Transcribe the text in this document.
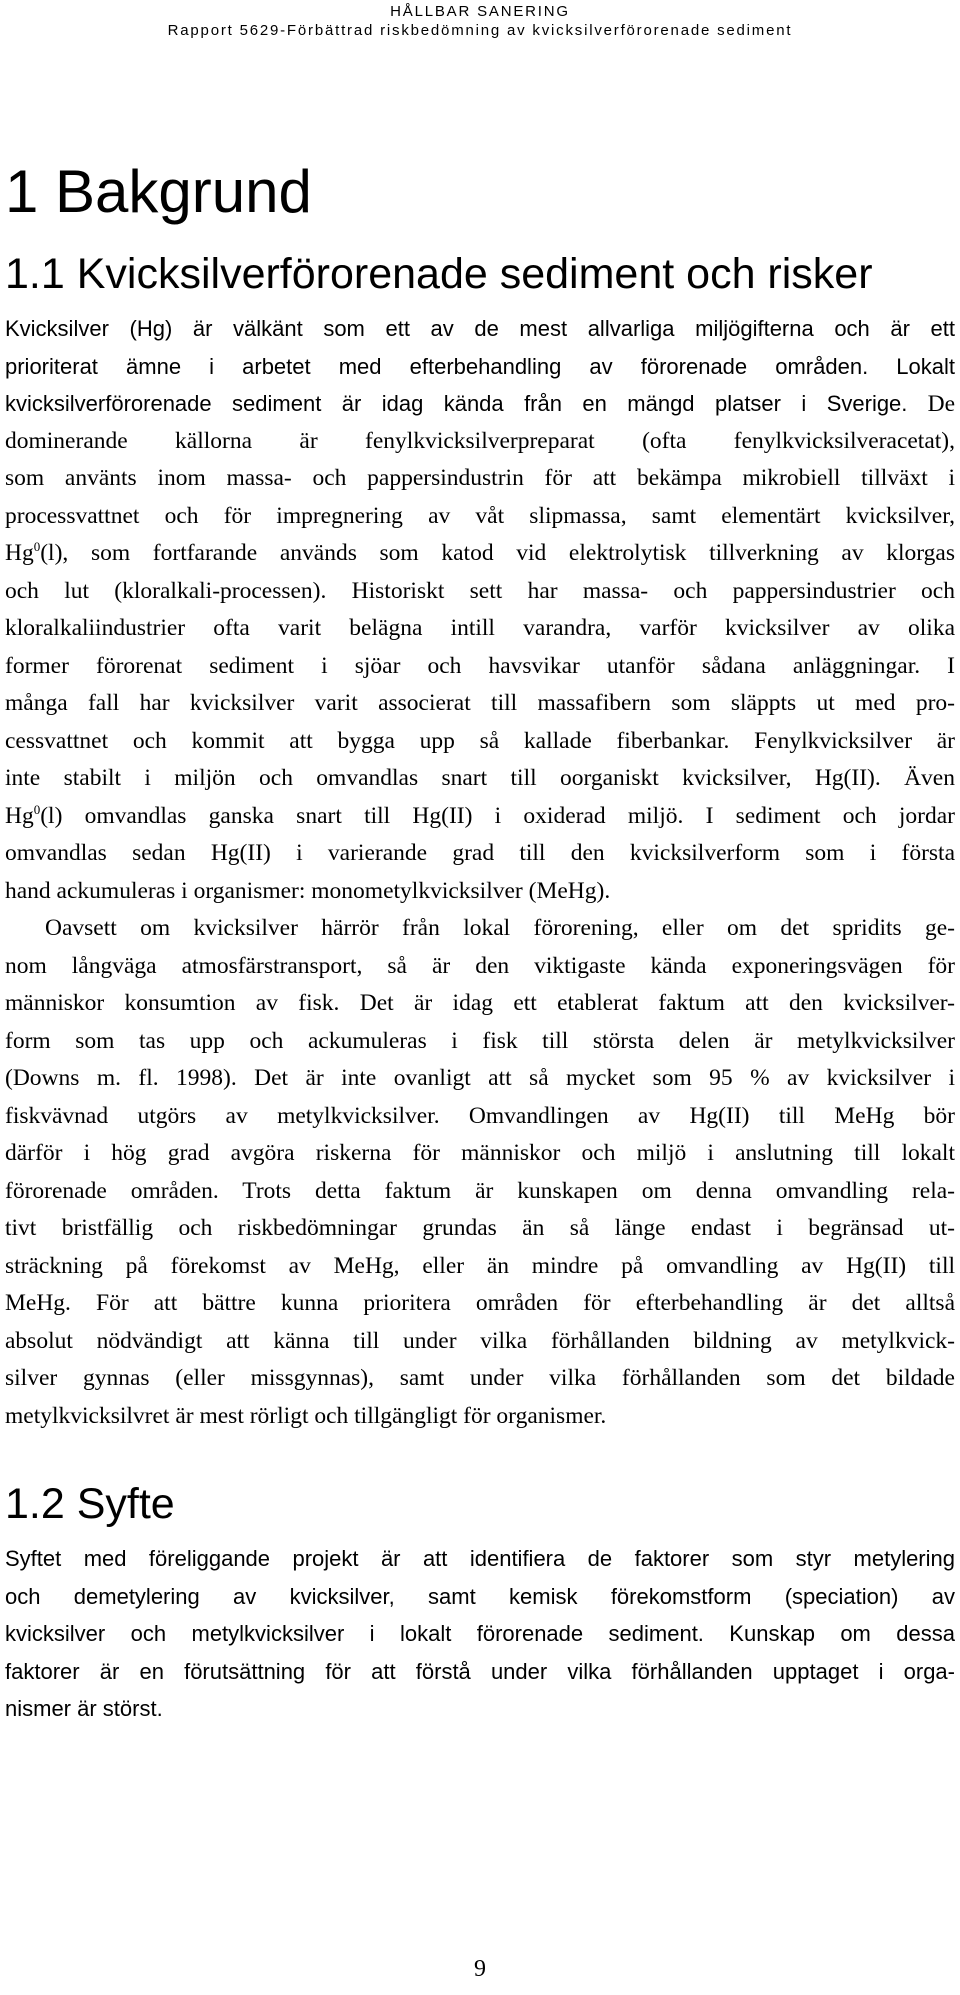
HÅLLBAR SANERING
Rapport 5629-Förbättrad riskbedömning av kvicksilverförorenade sediment
1 Bakgrund
1.1 Kvicksilverförorenade sediment och risker
Kvicksilver (Hg) är välkänt som ett av de mest allvarliga miljögifterna och är ett
prioriterat ämne i arbetet med efterbehandling av förorenade områden. Lokalt
kvicksilverförorenade sediment är idag kända från en mängd platser i Sverige. De
dominerande källorna är fenylkvicksilverpreparat (ofta fenylkvicksilveracetat),
som använts inom massa- och pappersindustrin för att bekämpa mikrobiell tillväxt i
processvattnet och för impregnering av våt slipmassa, samt elementärt kvicksilver,
Hg$^0$(l), som fortfarande används som katod vid elektrolytisk tillverkning av klorgas
och lut (kloralkali-processen). Historiskt sett har massa- och pappersindustrier och
kloralkaliindustrier ofta varit belägna intill varandra, varför kvicksilver av olika
former förorenat sediment i sjöar och havsvikar utanför sådana anläggningar. I
många fall har kvicksilver varit associerat till massafibern som släppts ut med pro-
cessvattnet och kommit att bygga upp så kallade fiberbankar. Fenylkvicksilver är
inte stabilt i miljön och omvandlas snart till oorganiskt kvicksilver, Hg(II). Även
Hg$^0$(l) omvandlas ganska snart till Hg(II) i oxiderad miljö. I sediment och jordar
omvandlas sedan Hg(II) i varierande grad till den kvicksilverform som i första
hand ackumuleras i organismer: monometylkvicksilver (MeHg).
Oavsett om kvicksilver härrör från lokal förorening, eller om det spridits ge-
nom långväga atmosfärstransport, så är den viktigaste kända exponeringsvägen för
människor konsumtion av fisk. Det är idag ett etablerat faktum att den kvicksilver-
form som tas upp och ackumuleras i fisk till största delen är metylkvicksilver
(Downs m. fl. 1998). Det är inte ovanligt att så mycket som 95 % av kvicksilver i
fiskvävnad utgörs av metylkvicksilver. Omvandlingen av Hg(II) till MeHg bör
därför i hög grad avgöra riskerna för människor och miljö i anslutning till lokalt
förorenade områden. Trots detta faktum är kunskapen om denna omvandling rela-
tivt bristfällig och riskbedömningar grundas än så länge endast i begränsad ut-
sträckning på förekomst av MeHg, eller än mindre på omvandling av Hg(II) till
MeHg. För att bättre kunna prioritera områden för efterbehandling är det alltså
absolut nödvändigt att känna till under vilka förhållanden bildning av metylkvick-
silver gynnas (eller missgynnas), samt under vilka förhållanden som det bildade
metylkvicksilvret är mest rörligt och tillgängligt för organismer.
1.2 Syfte
Syftet med föreliggande projekt är att identifiera de faktorer som styr metylering
och demetylering av kvicksilver, samt kemisk förekomstform (speciation) av
kvicksilver och metylkvicksilver i lokalt förorenade sediment. Kunskap om dessa
faktorer är en förutsättning för att förstå under vilka förhållanden upptaget i orga-
nismer är störst.
9
